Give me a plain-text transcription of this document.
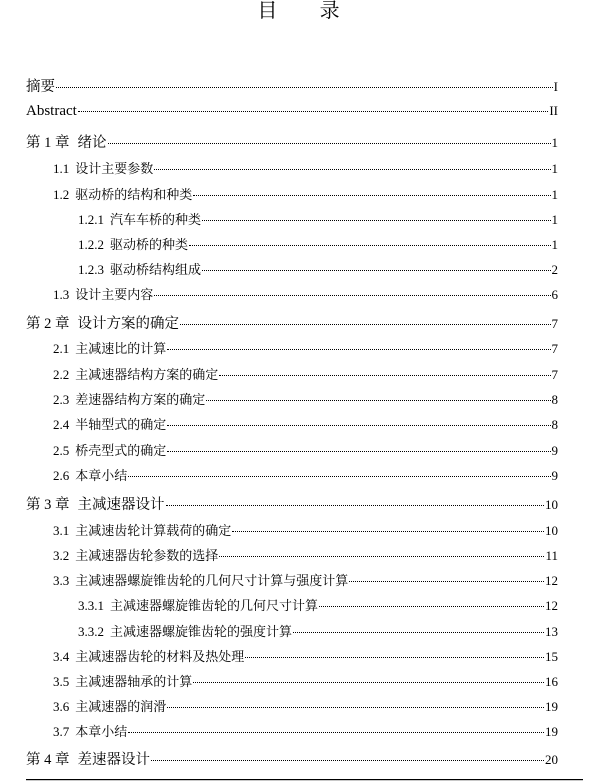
目 录
摘要	I
Abstract	II
第 1 章 绪论	1
1.1 设计主要参数	1
1.2 驱动桥的结构和种类	1
1.2.1 汽车车桥的种类	1
1.2.2 驱动桥的种类	1
1.2.3 驱动桥结构组成	2
1.3 设计主要内容	6
第 2 章 设计方案的确定	7
2.1 主减速比的计算	7
2.2 主减速器结构方案的确定	7
2.3 差速器结构方案的确定	8
2.4 半轴型式的确定	8
2.5 桥壳型式的确定	9
2.6 本章小结	9
第 3 章 主减速器设计	10
3.1 主减速齿轮计算载荷的确定	10
3.2 主减速器齿轮参数的选择	11
3.3 主减速器螺旋锥齿轮的几何尺寸计算与强度计算	12
3.3.1 主减速器螺旋锥齿轮的几何尺寸计算	12
3.3.2 主减速器螺旋锥齿轮的强度计算	13
3.4 主减速器齿轮的材料及热处理	15
3.5 主减速器轴承的计算	16
3.6 主减速器的润滑	19
3.7 本章小结	19
第 4 章 差速器设计	20
